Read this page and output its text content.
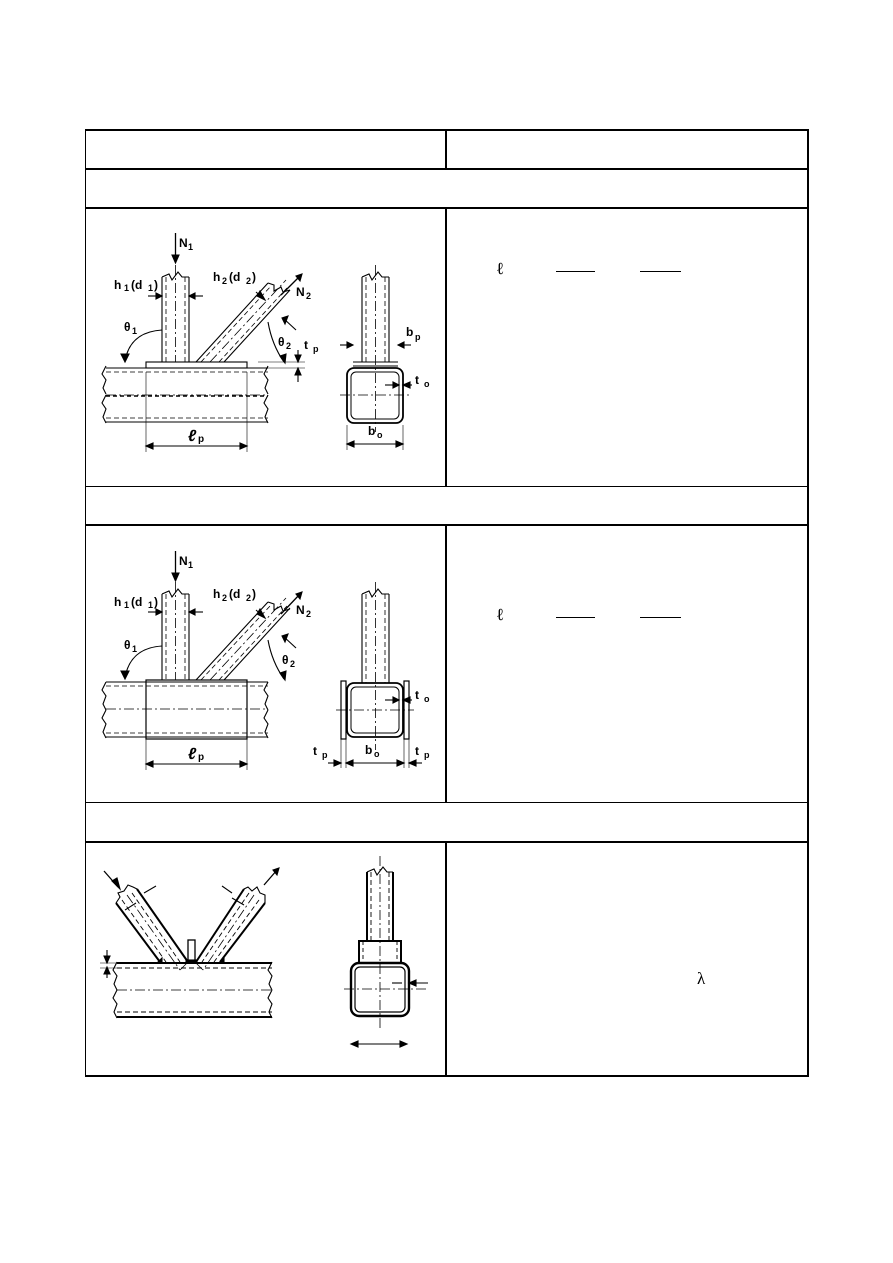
ℓ
ℓ
λ
N 1
N 2
h 1 (d 1 )
h 2 (d 2 )
θ 1
θ 2 t p
b p
t o
b o
ℓ p
N 1
N 2
h 1 (d 1 )
h 2 (d 2 )
θ 1
θ 2
t o
t p	b o	t p
ℓ p
